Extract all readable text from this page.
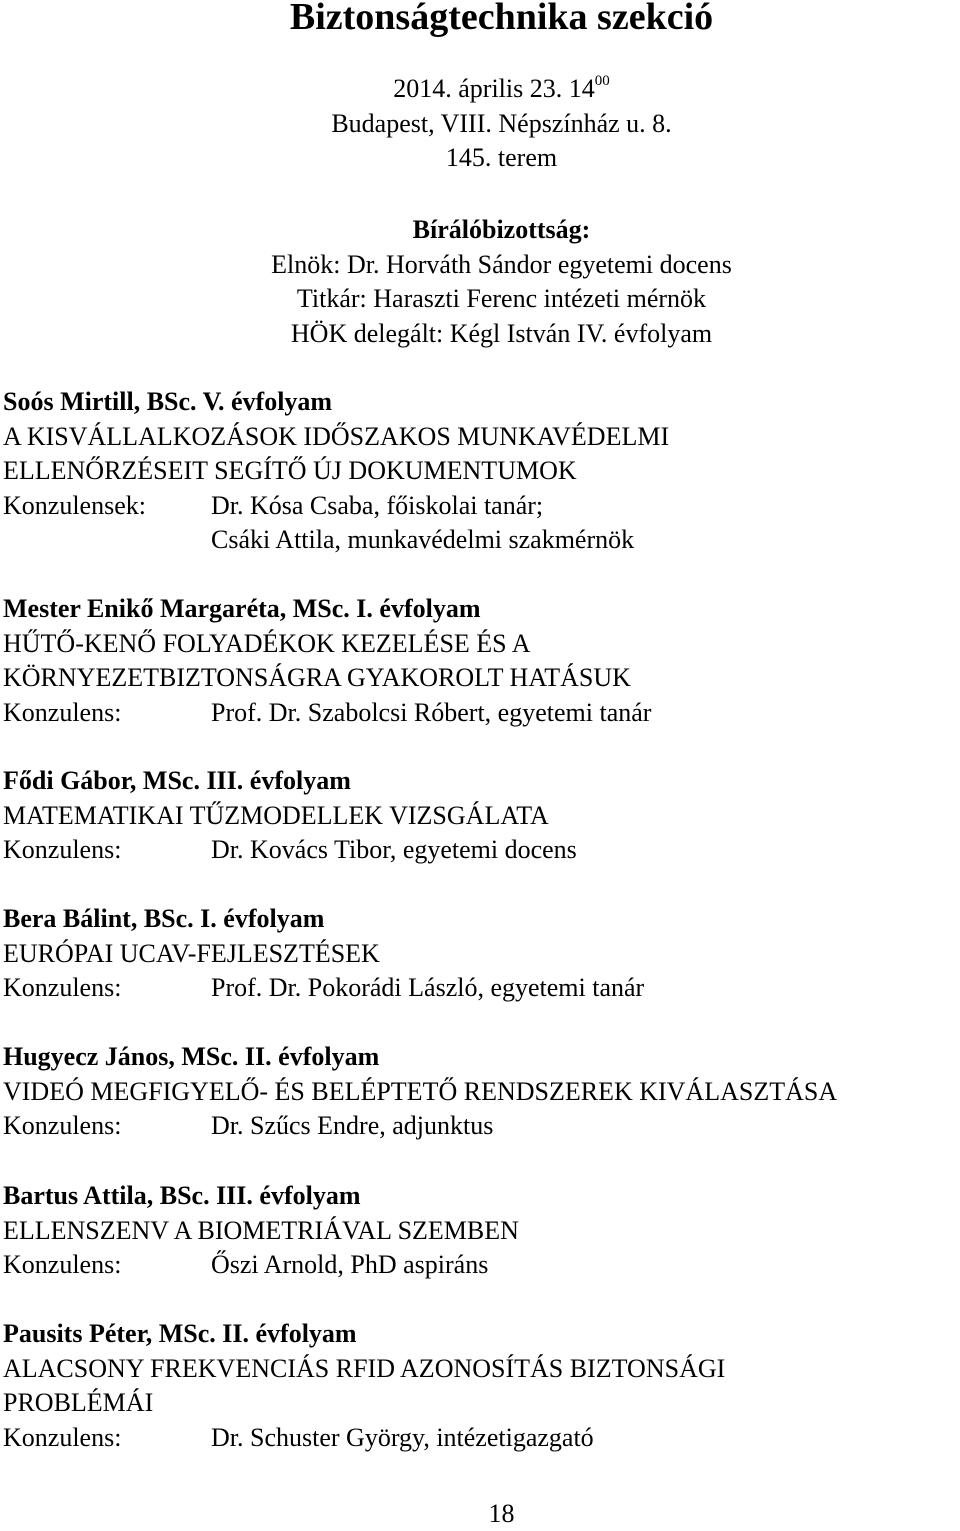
Biztonságtechnika szekció
2014. április 23. $14^{00}$
Budapest, VIII. Népszínház u. 8.
145. terem
Bírálóbizottság:
Elnök: Dr. Horváth Sándor egyetemi docens
Titkár: Haraszti Ferenc intézeti mérnök
HÖK delegált: Kégl István IV. évfolyam
Soós Mirtill, BSc. V. évfolyam
A KISVÁLLALKOZÁSOK IDŐSZAKOS MUNKAVÉDELMI
ELLENŐRZÉSEIT SEGÍTŐ ÚJ DOKUMENTUMOK
Konzulensek:	Dr. Kósa Csaba, főiskolai tanár;
Csáki Attila, munkavédelmi szakmérnök
Mester Enikő Margaréta, MSc. I. évfolyam
HŰTŐ-KENŐ FOLYADÉKOK KEZELÉSE ÉS A
KÖRNYEZETBIZTONSÁGRA GYAKOROLT HATÁSUK
Konzulens:	Prof. Dr. Szabolcsi Róbert, egyetemi tanár
Fődi Gábor, MSc. III. évfolyam
MATEMATIKAI TŰZMODELLEK VIZSGÁLATA
Konzulens:	Dr. Kovács Tibor, egyetemi docens
Bera Bálint, BSc. I. évfolyam
EURÓPAI UCAV-FEJLESZTÉSEK
Konzulens:	Prof. Dr. Pokorádi László, egyetemi tanár
Hugyecz János, MSc. II. évfolyam
VIDEÓ MEGFIGYELŐ- ÉS BELÉPTETŐ RENDSZEREK KIVÁLASZTÁSA
Konzulens:	Dr. Szűcs Endre, adjunktus
Bartus Attila, BSc. III. évfolyam
ELLENSZENV A BIOMETRIÁVAL SZEMBEN
Konzulens:	Őszi Arnold, PhD aspiráns
Pausits Péter, MSc. II. évfolyam
ALACSONY FREKVENCIÁS RFID AZONOSÍTÁS BIZTONSÁGI
PROBLÉMÁI
Konzulens:	Dr. Schuster György, intézetigazgató
18
